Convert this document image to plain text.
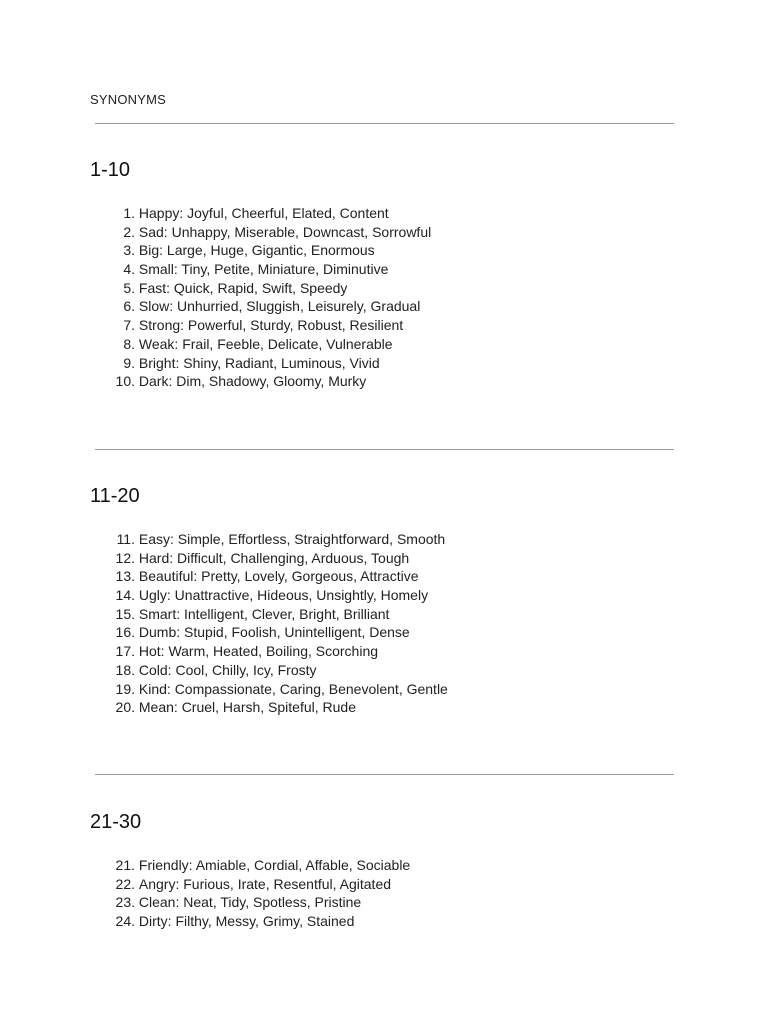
SYNONYMS
1-10
1. Happy: Joyful, Cheerful, Elated, Content
2. Sad: Unhappy, Miserable, Downcast, Sorrowful
3. Big: Large, Huge, Gigantic, Enormous
4. Small: Tiny, Petite, Miniature, Diminutive
5. Fast: Quick, Rapid, Swift, Speedy
6. Slow: Unhurried, Sluggish, Leisurely, Gradual
7. Strong: Powerful, Sturdy, Robust, Resilient
8. Weak: Frail, Feeble, Delicate, Vulnerable
9. Bright: Shiny, Radiant, Luminous, Vivid
10. Dark: Dim, Shadowy, Gloomy, Murky
11-20
11. Easy: Simple, Effortless, Straightforward, Smooth
12. Hard: Difficult, Challenging, Arduous, Tough
13. Beautiful: Pretty, Lovely, Gorgeous, Attractive
14. Ugly: Unattractive, Hideous, Unsightly, Homely
15. Smart: Intelligent, Clever, Bright, Brilliant
16. Dumb: Stupid, Foolish, Unintelligent, Dense
17. Hot: Warm, Heated, Boiling, Scorching
18. Cold: Cool, Chilly, Icy, Frosty
19. Kind: Compassionate, Caring, Benevolent, Gentle
20. Mean: Cruel, Harsh, Spiteful, Rude
21-30
21. Friendly: Amiable, Cordial, Affable, Sociable
22. Angry: Furious, Irate, Resentful, Agitated
23. Clean: Neat, Tidy, Spotless, Pristine
24. Dirty: Filthy, Messy, Grimy, Stained
